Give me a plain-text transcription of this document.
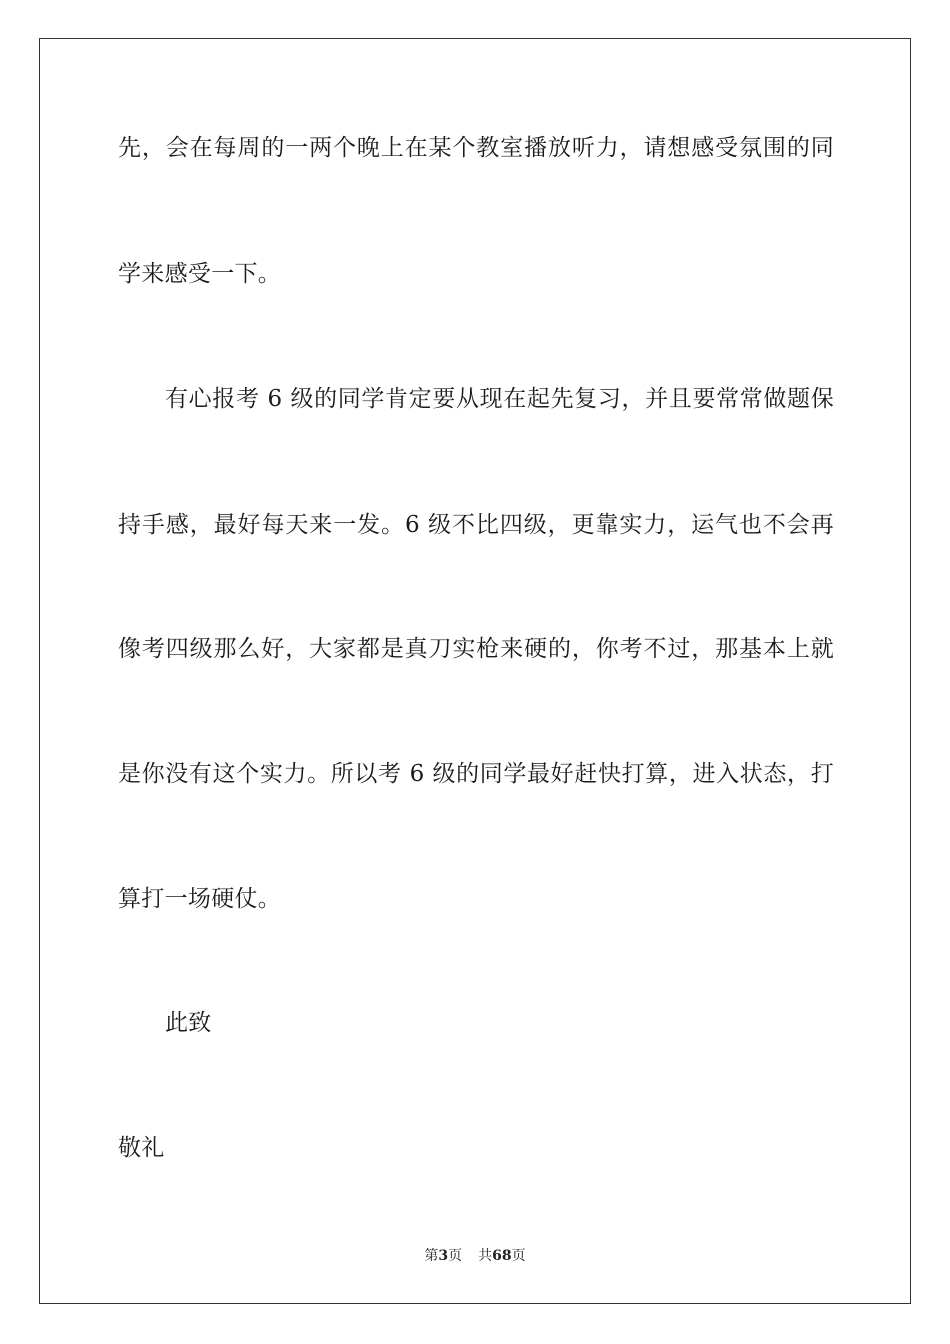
先，会在每周的一两个晚上在某个教室播放听力，请想感受氛围的同
学来感受一下。
有心报考 6 级的同学肯定要从现在起先复习，并且要常常做题保
持手感，最好每天来一发。6 级不比四级，更靠实力，运气也不会再
像考四级那么好，大家都是真刀实枪来硬的，你考不过，那基本上就
是你没有这个实力。所以考 6 级的同学最好赶快打算，进入状态，打
算打一场硬仗。
此致
敬礼
第3页 共68页
